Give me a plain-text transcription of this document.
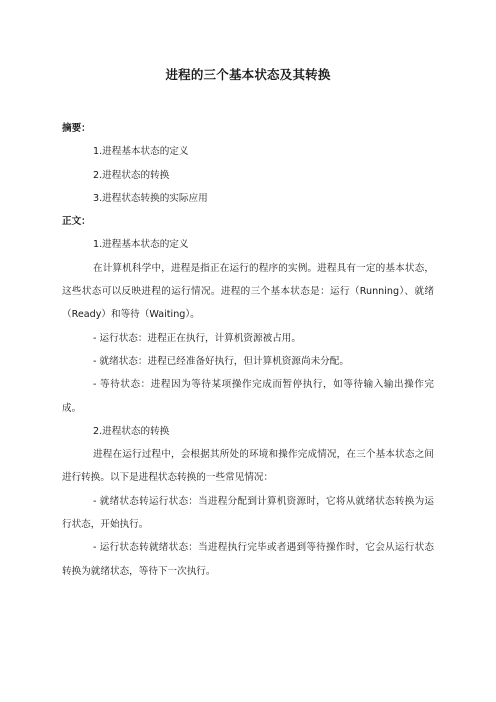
进程的三个基本状态及其转换

摘要：

1.进程基本状态的定义

2.进程状态的转换

3.进程状态转换的实际应用

正文：

1.进程基本状态的定义

在计算机科学中，进程是指正在运行的程序的实例。进程具有一定的基本状态，这些状态可以反映进程的运行情况。进程的三个基本状态是：运行（Running）、就绪（Ready）和等待（Waiting）。

- 运行状态：进程正在执行，计算机资源被占用。

- 就绪状态：进程已经准备好执行，但计算机资源尚未分配。

- 等待状态：进程因为等待某项操作完成而暂停执行，如等待输入输出操作完成。

2.进程状态的转换

进程在运行过程中，会根据其所处的环境和操作完成情况，在三个基本状态之间进行转换。以下是进程状态转换的一些常见情况：

- 就绪状态转运行状态：当进程分配到计算机资源时，它将从就绪状态转换为运行状态，开始执行。

- 运行状态转就绪状态：当进程执行完毕或者遇到等待操作时，它会从运行状态转换为就绪状态，等待下一次执行。
